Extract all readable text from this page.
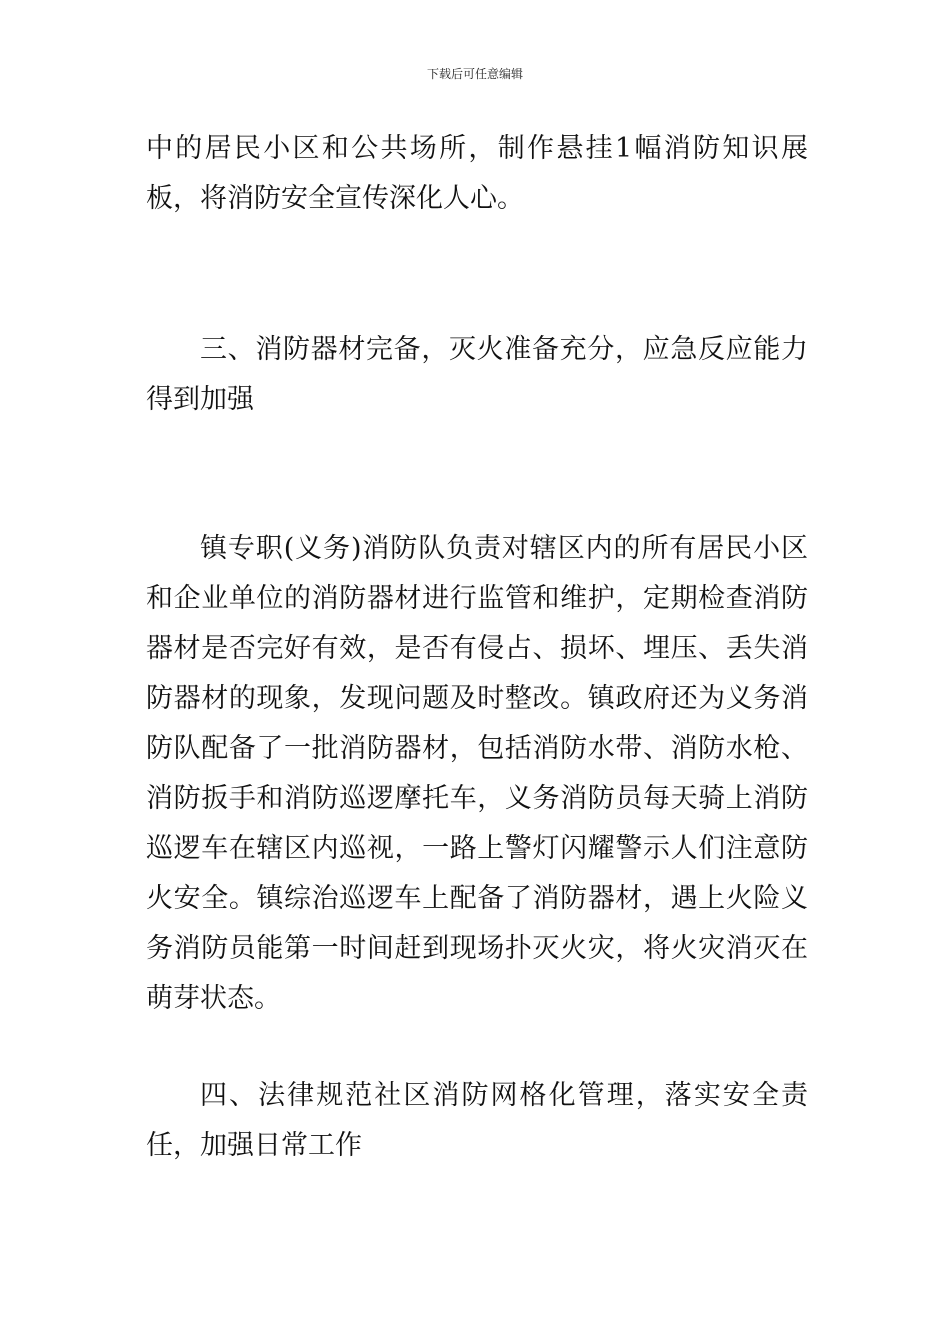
下载后可任意编辑

中的居民小区和公共场所，制作悬挂1幅消防知识展板，将消防安全宣传深化人心。

三、消防器材完备，灭火准备充分，应急反应能力得到加强

镇专职(义务)消防队负责对辖区内的所有居民小区和企业单位的消防器材进行监管和维护，定期检查消防器材是否完好有效，是否有侵占、损坏、埋压、丢失消防器材的现象，发现问题及时整改。镇政府还为义务消防队配备了一批消防器材，包括消防水带、消防水枪、消防扳手和消防巡逻摩托车，义务消防员每天骑上消防巡逻车在辖区内巡视，一路上警灯闪耀警示人们注意防火安全。镇综治巡逻车上配备了消防器材，遇上火险义务消防员能第一时间赶到现场扑灭火灾，将火灾消灭在萌芽状态。

四、法律规范社区消防网格化管理，落实安全责任，加强日常工作
